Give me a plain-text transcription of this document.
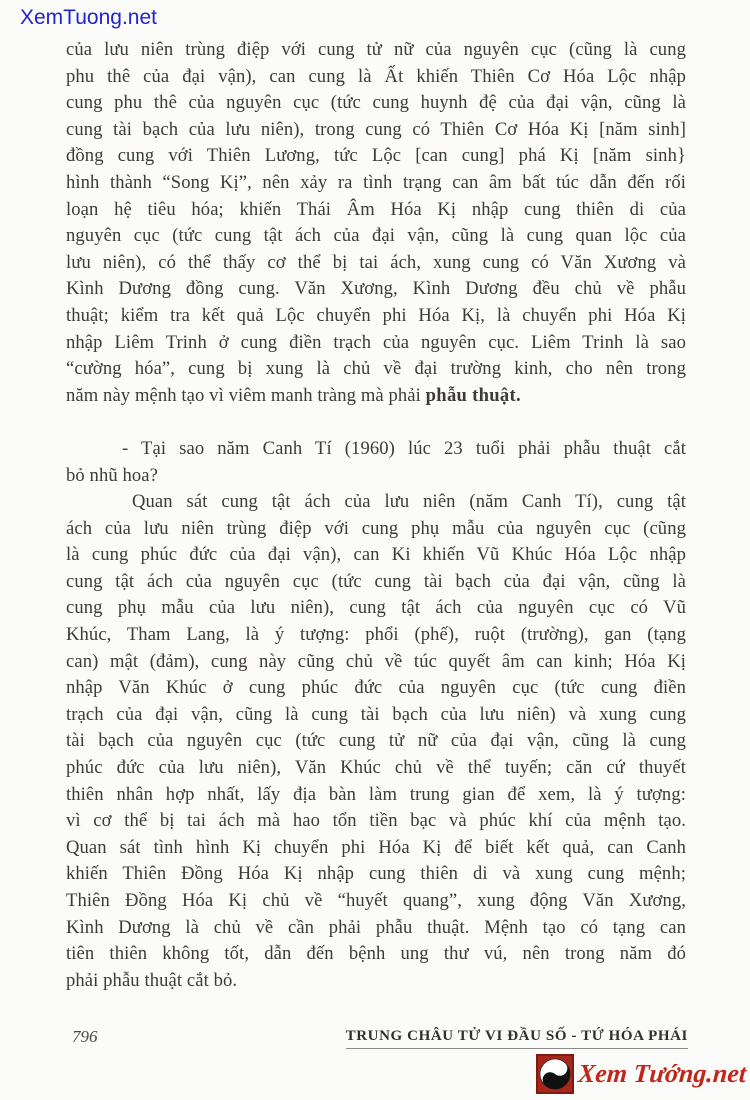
XemTuong.net
của lưu niên trùng điệp với cung tử nữ của nguyên cục (cũng là cung
phu thê của đại vận), can cung là Ất khiến Thiên Cơ Hóa Lộc nhập
cung phu thê của nguyên cục (tức cung huynh đệ của đại vận, cũng là
cung tài bạch của lưu niên), trong cung có Thiên Cơ Hóa Kị [năm sinh]
đồng cung với Thiên Lương, tức Lộc [can cung] phá Kị [năm sinh}
hình thành “Song Kị”, nên xảy ra tình trạng can âm bất túc dẫn đến rối
loạn hệ tiêu hóa; khiến Thái Âm Hóa Kị nhập cung thiên di của
nguyên cục (tức cung tật ách của đại vận, cũng là cung quan lộc của
lưu niên), có thể thấy cơ thể bị tai ách, xung cung có Văn Xương và
Kình Dương đồng cung. Văn Xương, Kình Dương đều chủ về phẫu
thuật; kiểm tra kết quả Lộc chuyển phi Hóa Kị, là chuyển phi Hóa Kị
nhập Liêm Trinh ở cung điền trạch của nguyên cục. Liêm Trinh là sao
“cường hóa”, cung bị xung là chủ về đại trường kinh, cho nên trong
năm này mệnh tạo vì viêm manh tràng mà phải phẫu thuật.
- Tại sao năm Canh Tí (1960) lúc 23 tuổi phải phẫu thuật cắt
bỏ nhũ hoa?
Quan sát cung tật ách của lưu niên (năm Canh Tí), cung tật
ách của lưu niên trùng điệp với cung phụ mẫu của nguyên cục (cũng
là cung phúc đức của đại vận), can Ki khiến Vũ Khúc Hóa Lộc nhập
cung tật ách của nguyên cục (tức cung tài bạch của đại vận, cũng là
cung phụ mẫu của lưu niên), cung tật ách của nguyên cục có Vũ
Khúc, Tham Lang, là ý tượng: phổi (phế), ruột (trường), gan (tạng
can) mật (đảm), cung này cũng chủ về túc quyết âm can kinh; Hóa Kị
nhập Văn Khúc ở cung phúc đức của nguyên cục (tức cung điền
trạch của đại vận, cũng là cung tài bạch của lưu niên) và xung cung
tài bạch của nguyên cục (tức cung tử nữ của đại vận, cũng là cung
phúc đức của lưu niên), Văn Khúc chủ về thể tuyến; căn cứ thuyết
thiên nhân hợp nhất, lấy địa bàn làm trung gian để xem, là ý tượng:
vì cơ thể bị tai ách mà hao tổn tiền bạc và phúc khí của mệnh tạo.
Quan sát tình hình Kị chuyển phi Hóa Kị để biết kết quả, can Canh
khiến Thiên Đồng Hóa Kị nhập cung thiên di và xung cung mệnh;
Thiên Đồng Hóa Kị chủ về “huyết quang”, xung động Văn Xương,
Kình Dương là chủ về cần phải phẫu thuật. Mệnh tạo có tạng can
tiên thiên không tốt, dẫn đến bệnh ung thư vú, nên trong năm đó
phải phẫu thuật cắt bỏ.
796	TRUNG CHÂU TỬ VI ĐẦU SỐ - TỨ HÓA PHÁI
Xem Tướng.net
